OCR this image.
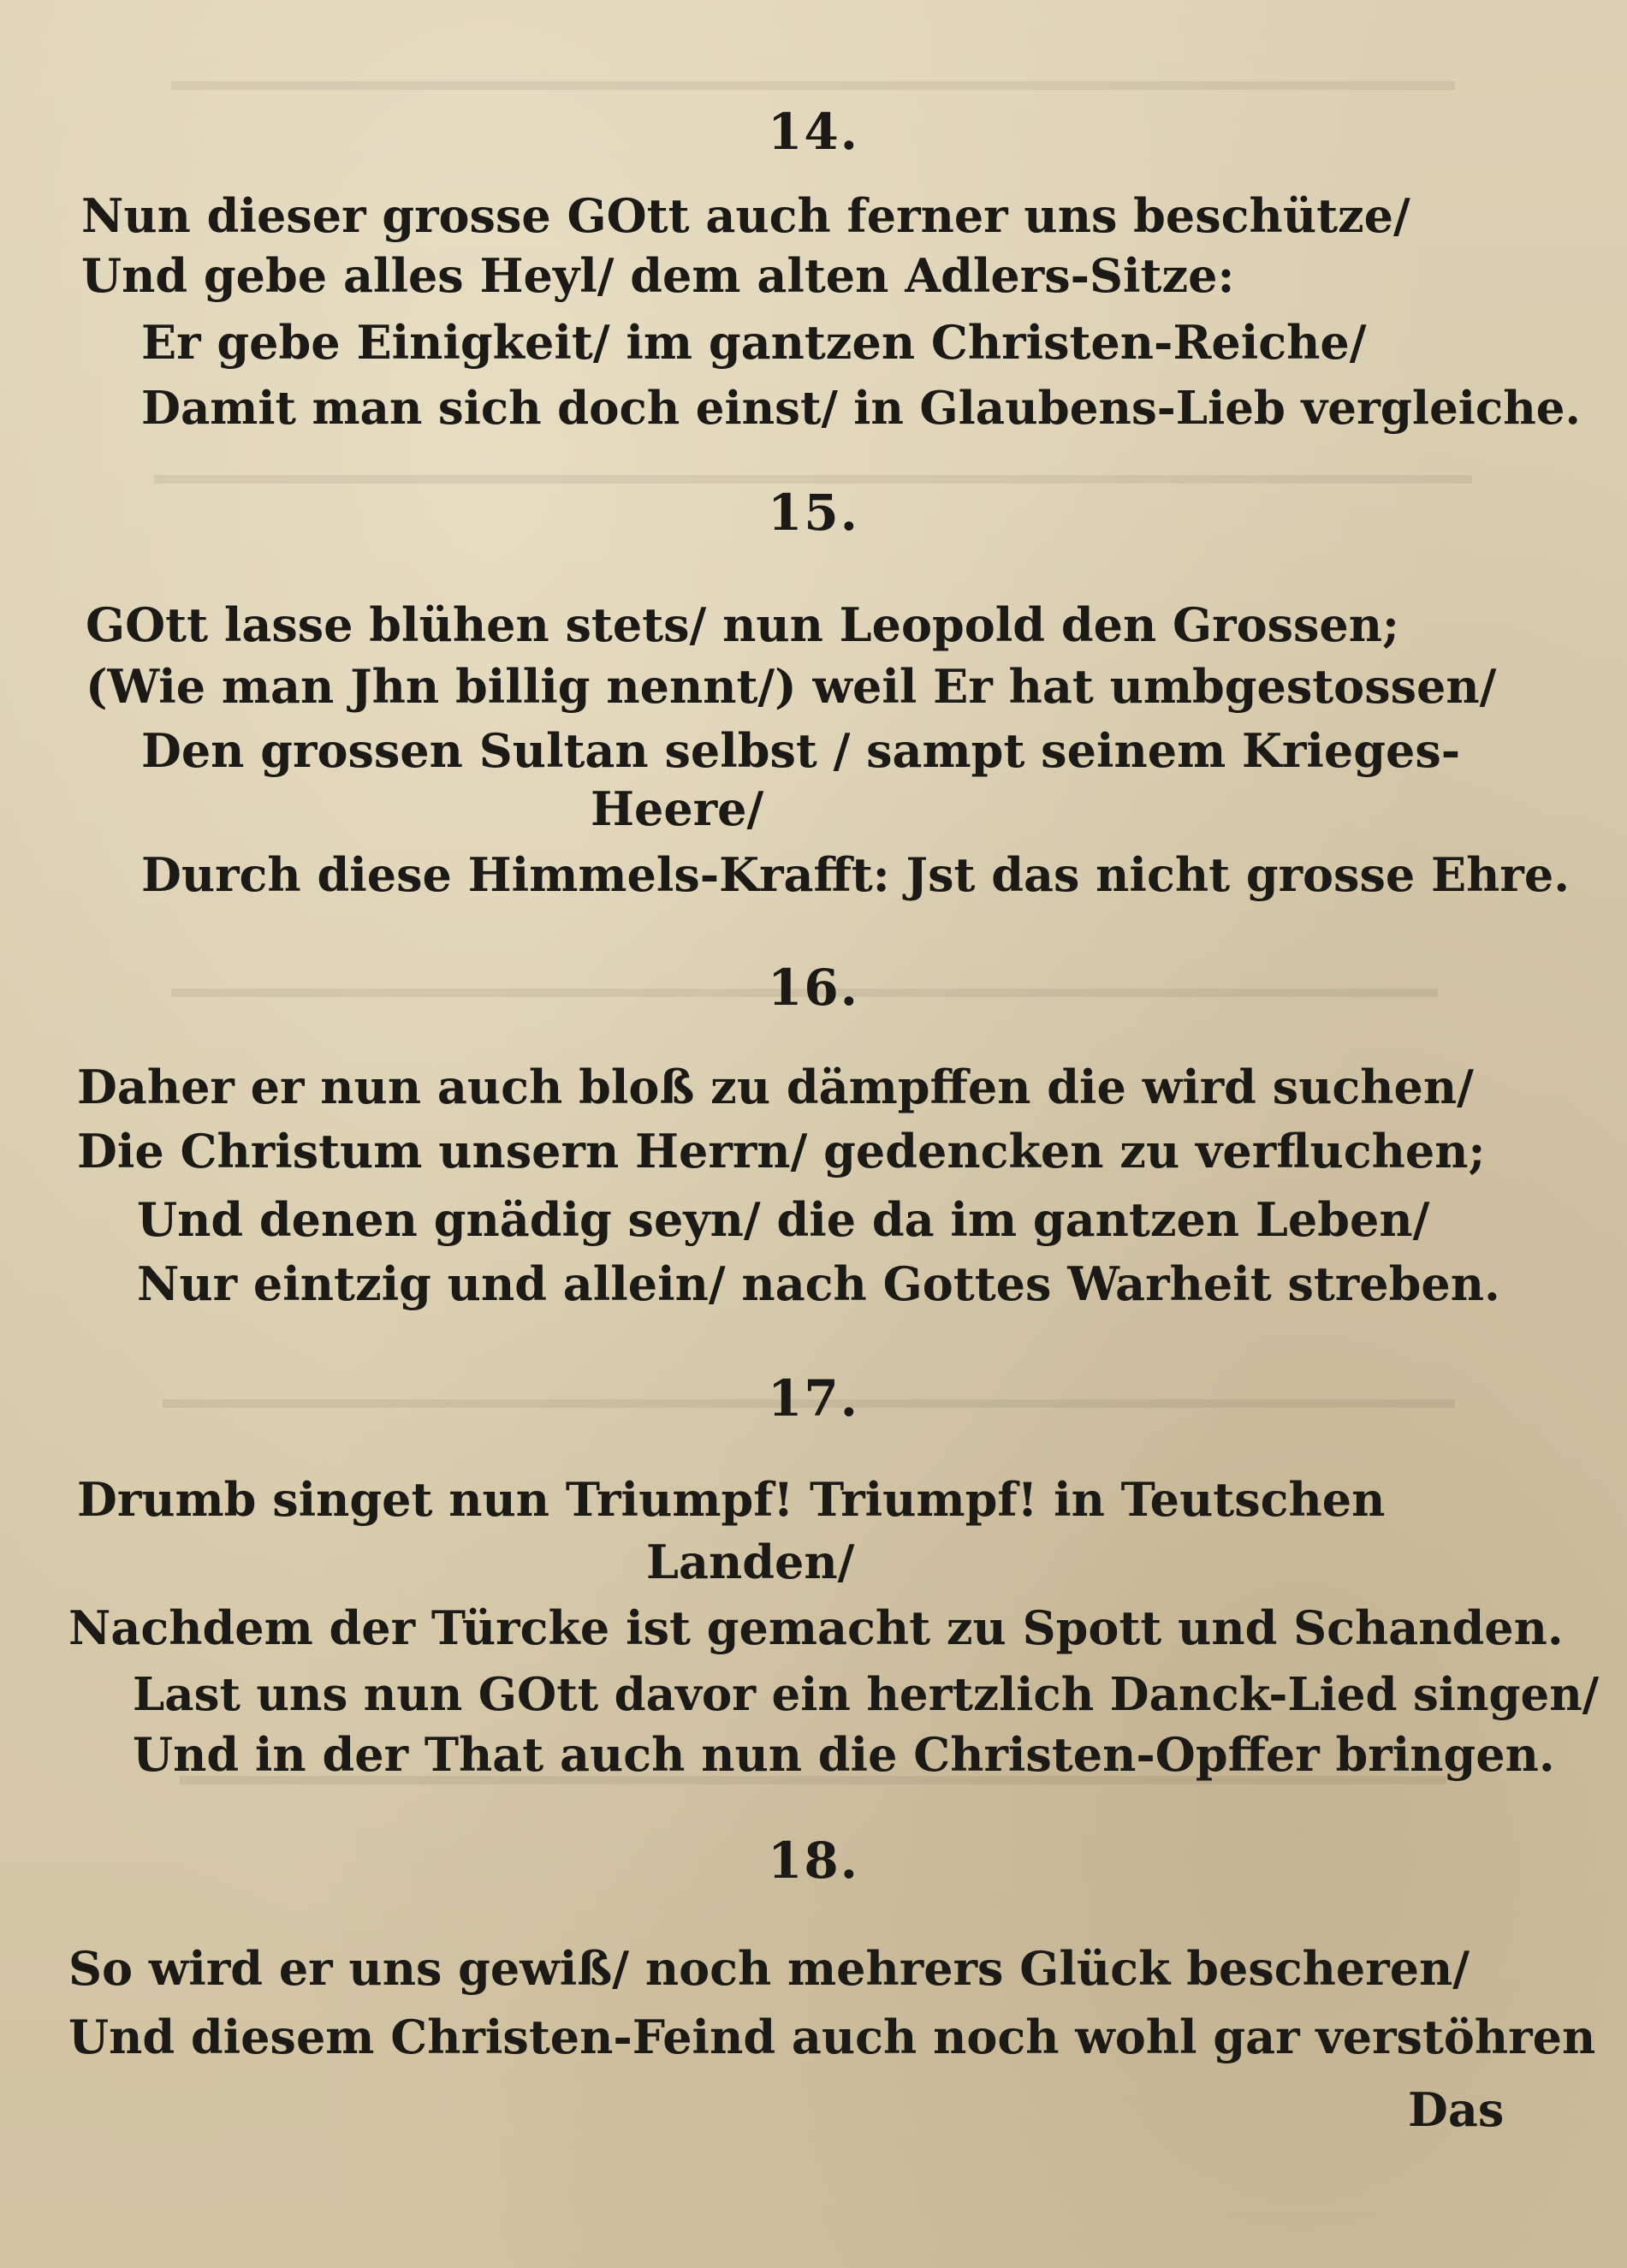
14.
Nun dieser grosse GOtt auch ferner uns beschütze/
Und gebe alles Heyl/ dem alten Adlers-Sitze:
Er gebe Einigkeit/ im gantzen Christen-Reiche/
Damit man sich doch einst/ in Glaubens-Lieb vergleiche.
15.
GOtt lasse blühen stets/ nun Leopold den Grossen;
(Wie man Jhn billig nennt/) weil Er hat umbgestossen/
Den grossen Sultan selbst / sampt seinem Krieges-
Heere/
Durch diese Himmels-Krafft: Jst das nicht grosse Ehre.
16.
Daher er nun auch bloß zu dämpffen die wird suchen/
Die Christum unsern Herrn/ gedencken zu verfluchen;
Und denen gnädig seyn/ die da im gantzen Leben/
Nur eintzig und allein/ nach Gottes Warheit streben.
17.
Drumb singet nun Triumpf! Triumpf! in Teutschen
Landen/
Nachdem der Türcke ist gemacht zu Spott und Schanden.
Last uns nun GOtt davor ein hertzlich Danck-Lied singen/
Und in der That auch nun die Christen-Opffer bringen.
18.
So wird er uns gewiß/ noch mehrers Glück bescheren/
Und diesem Christen-Feind auch noch wohl gar verstöhren
Das
